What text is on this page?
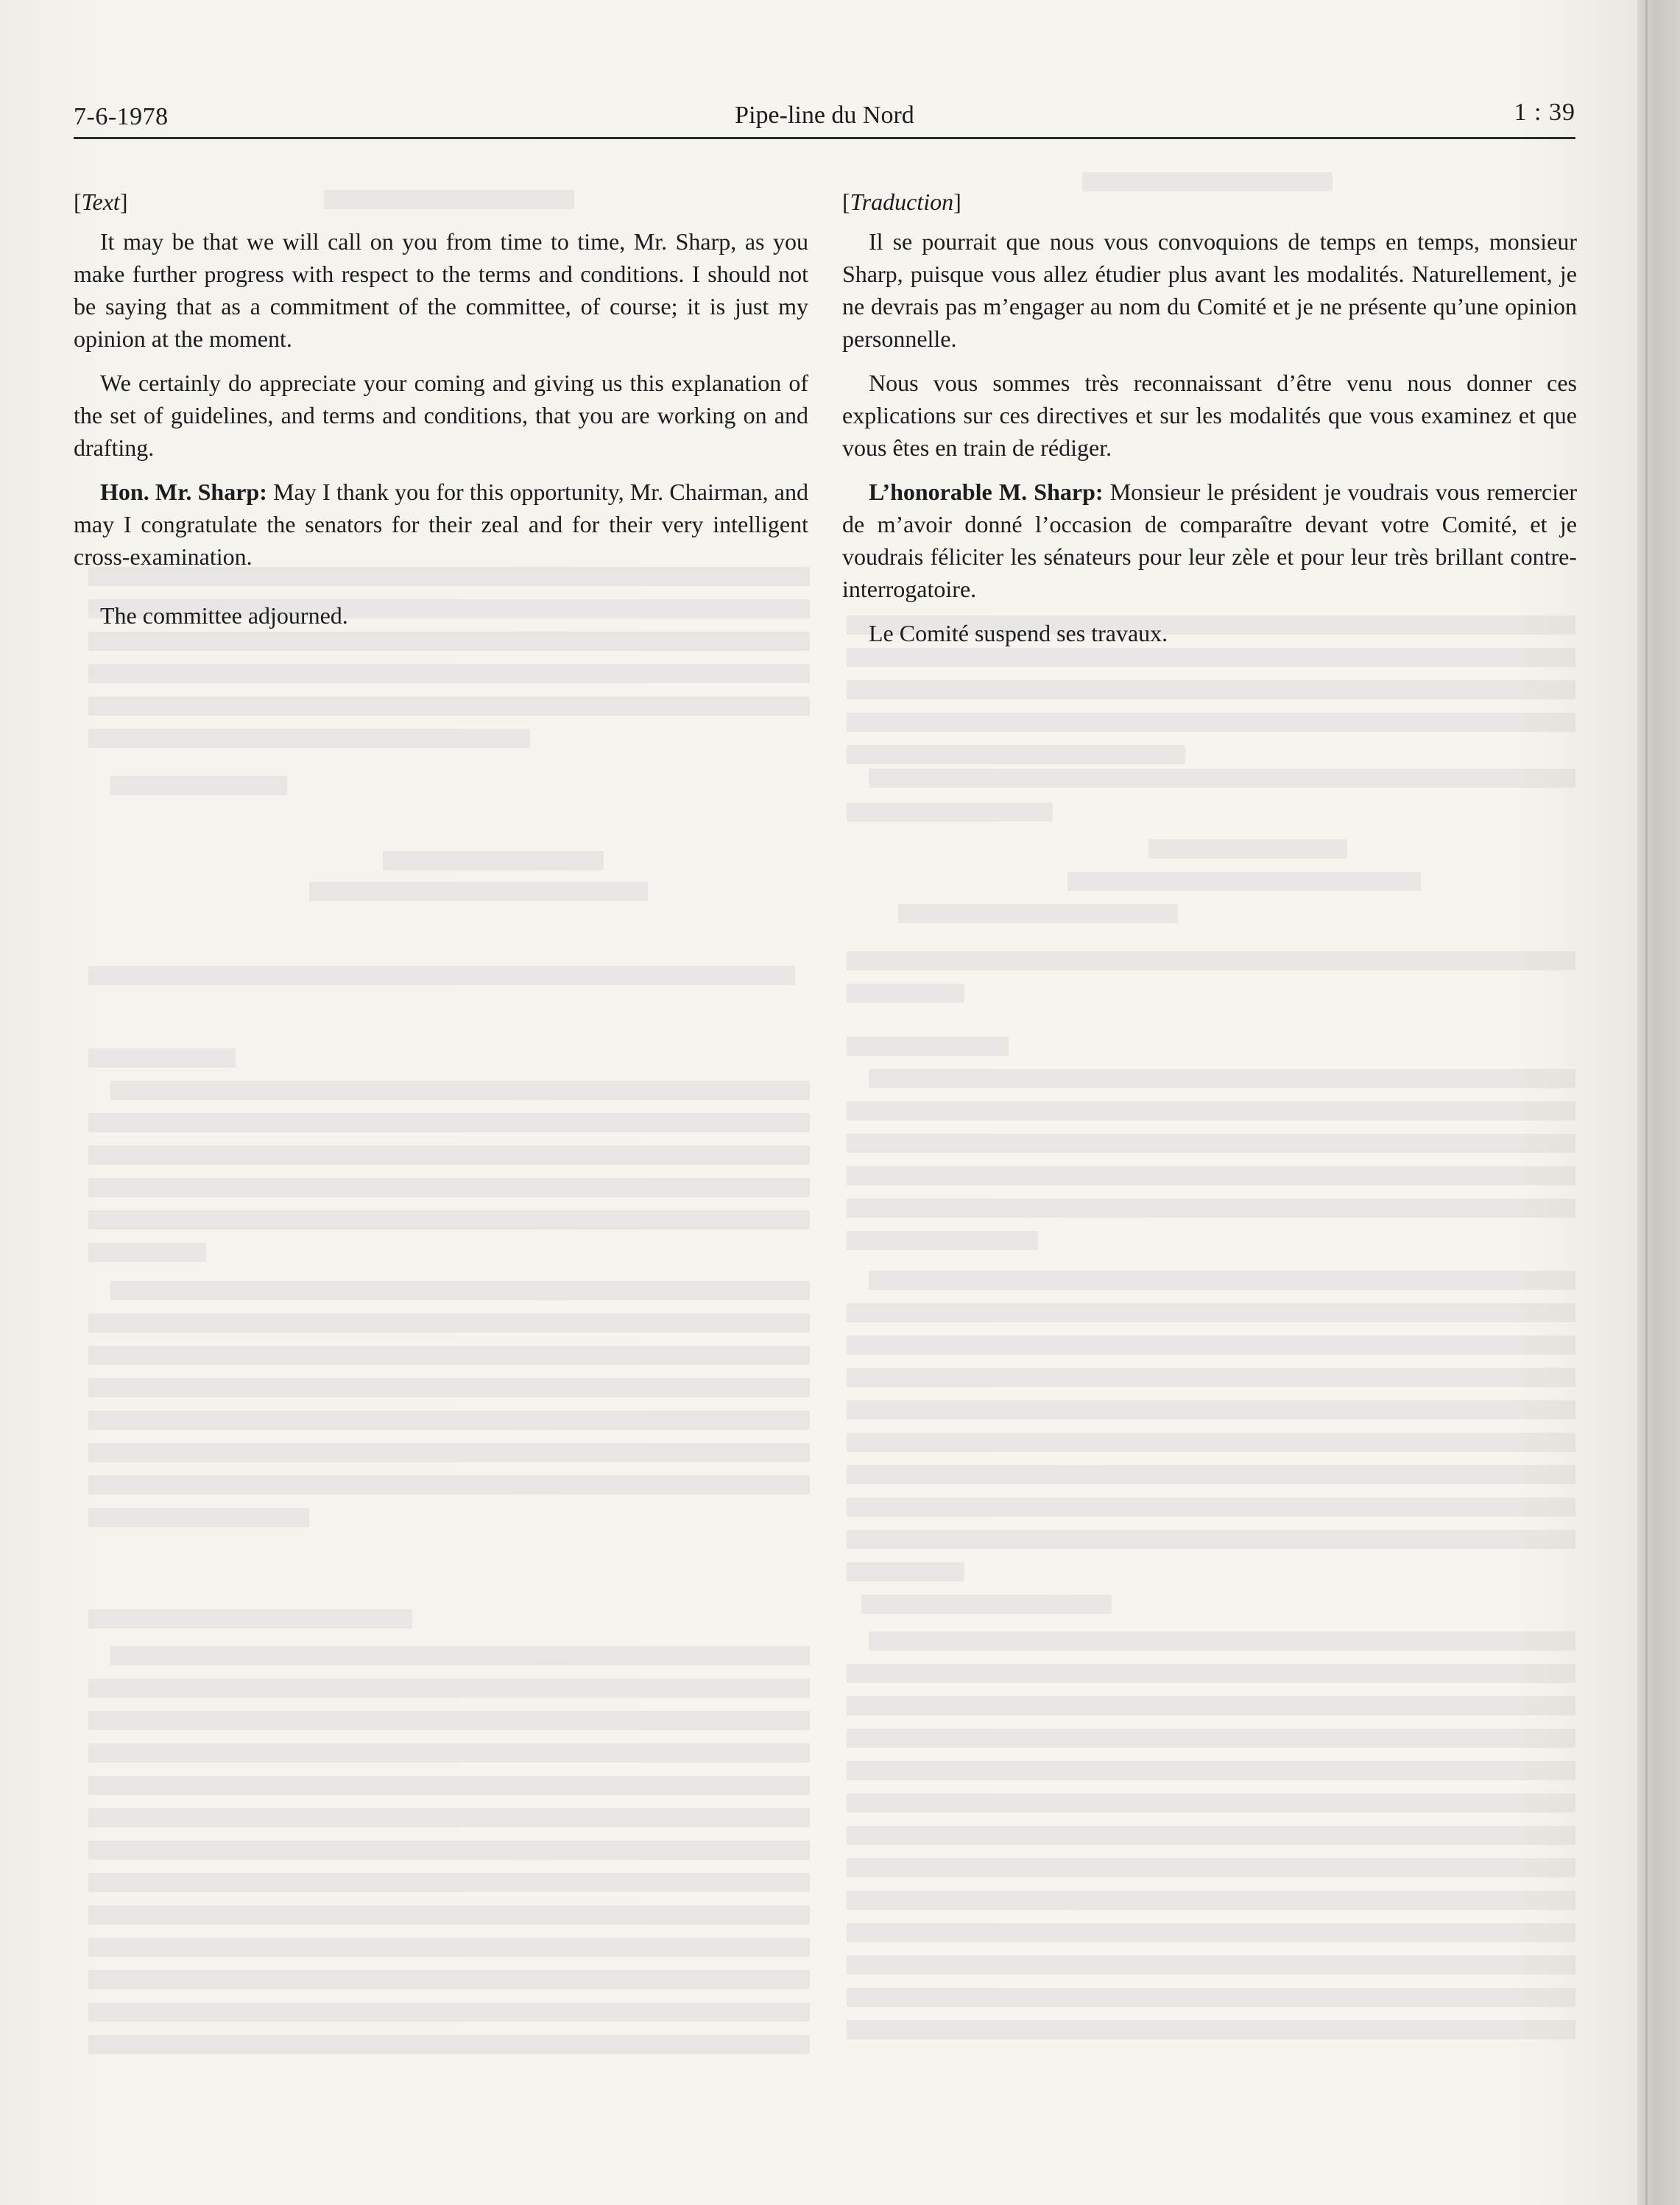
7-6-1978	Pipe-line du Nord	1 : 39

[Text]

It may be that we will call on you from time to time, Mr. Sharp, as you make further progress with respect to the terms and conditions. I should not be saying that as a commitment of the committee, of course; it is just my opinion at the moment.

We certainly do appreciate your coming and giving us this explanation of the set of guidelines, and terms and conditions, that you are working on and drafting.

Hon. Mr. Sharp: May I thank you for this opportunity, Mr. Chairman, and may I congratulate the senators for their zeal and for their very intelligent cross-examination.

The committee adjourned.

[Traduction]

Il se pourrait que nous vous convoquions de temps en temps, monsieur Sharp, puisque vous allez étudier plus avant les modalités. Naturellement, je ne devrais pas m’engager au nom du Comité et je ne présente qu’une opinion personnelle.

Nous vous sommes très reconnaissant d’être venu nous donner ces explications sur ces directives et sur les modalités que vous examinez et que vous êtes en train de rédiger.

L’honorable M. Sharp: Monsieur le président je voudrais vous remercier de m’avoir donné l’occasion de comparaître devant votre Comité, et je voudrais féliciter les sénateurs pour leur zèle et pour leur très brillant contre-interrogatoire.

Le Comité suspend ses travaux.
